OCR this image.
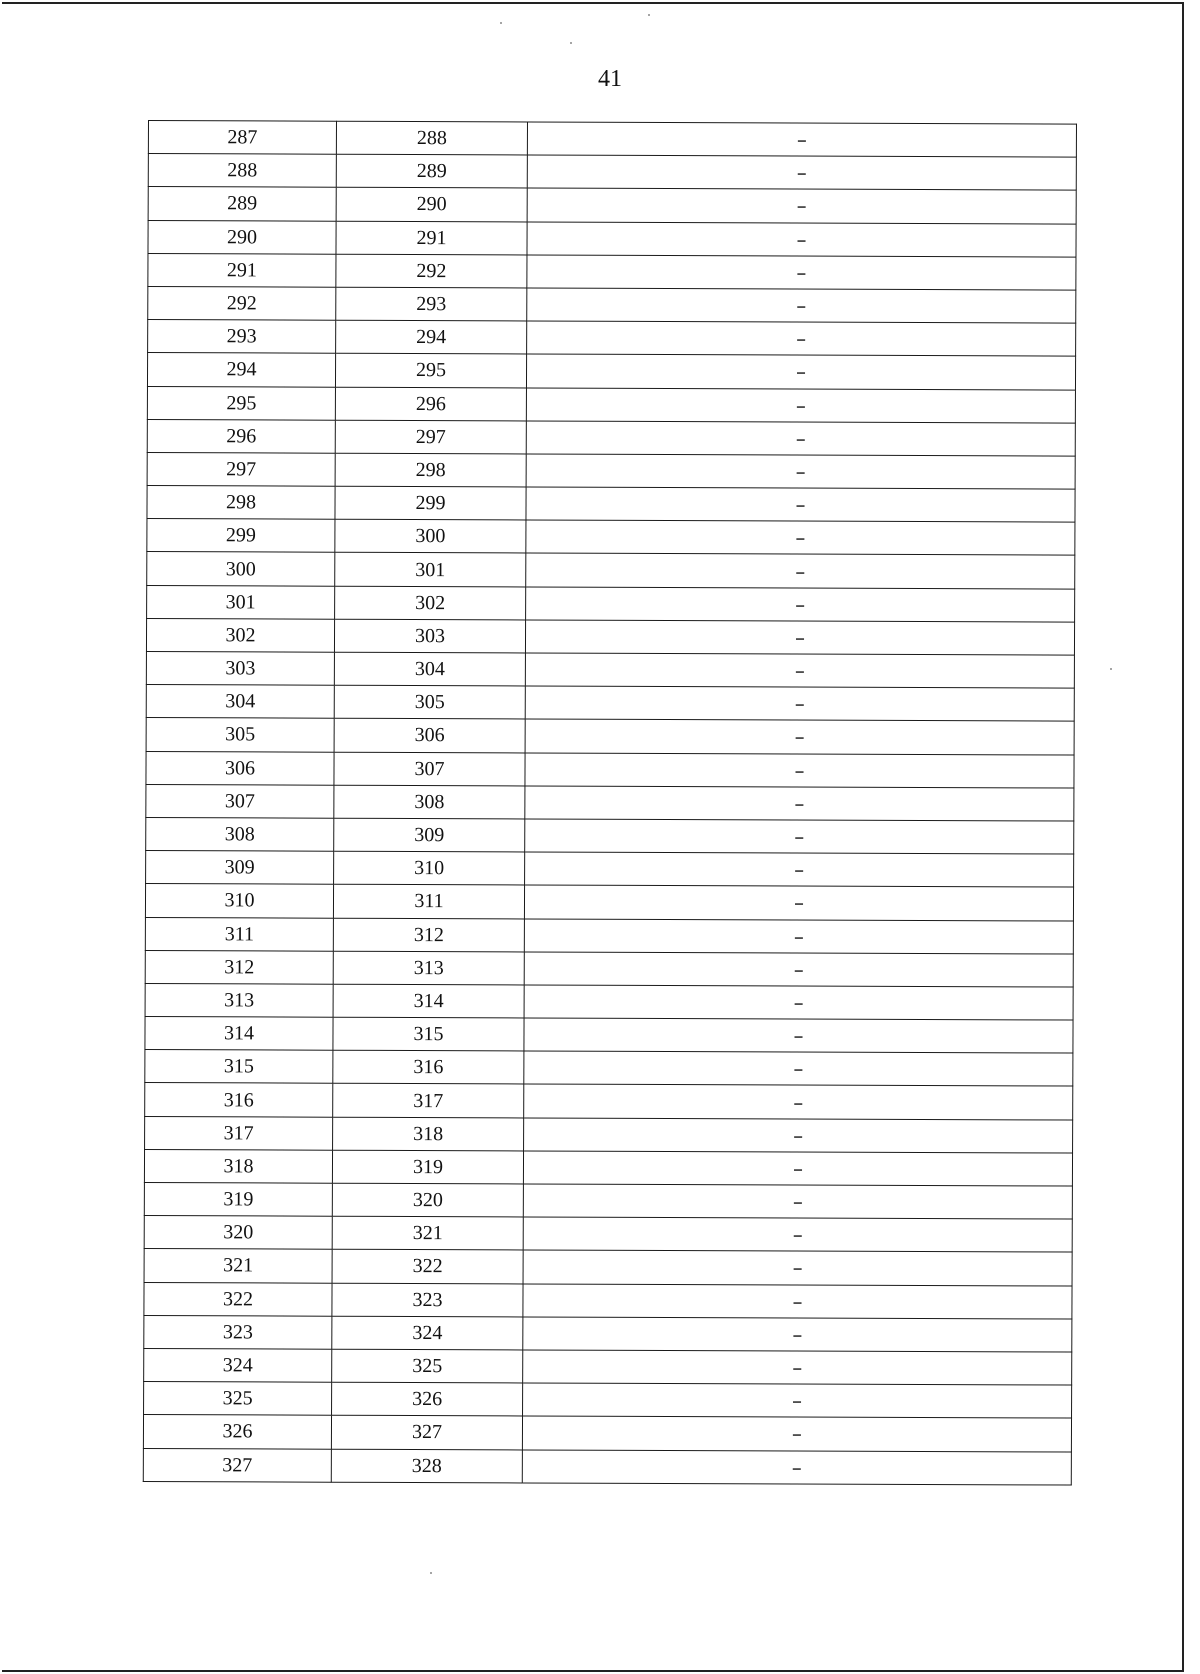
41
287	288	–
288	289	–
289	290	–
290	291	–
291	292	–
292	293	–
293	294	–
294	295	–
295	296	–
296	297	–
297	298	–
298	299	–
299	300	–
300	301	–
301	302	–
302	303	–
303	304	–
304	305	–
305	306	–
306	307	–
307	308	–
308	309	–
309	310	–
310	311	–
311	312	–
312	313	–
313	314	–
314	315	–
315	316	–
316	317	–
317	318	–
318	319	–
319	320	–
320	321	–
321	322	–
322	323	–
323	324	–
324	325	–
325	326	–
326	327	–
327	328	–
